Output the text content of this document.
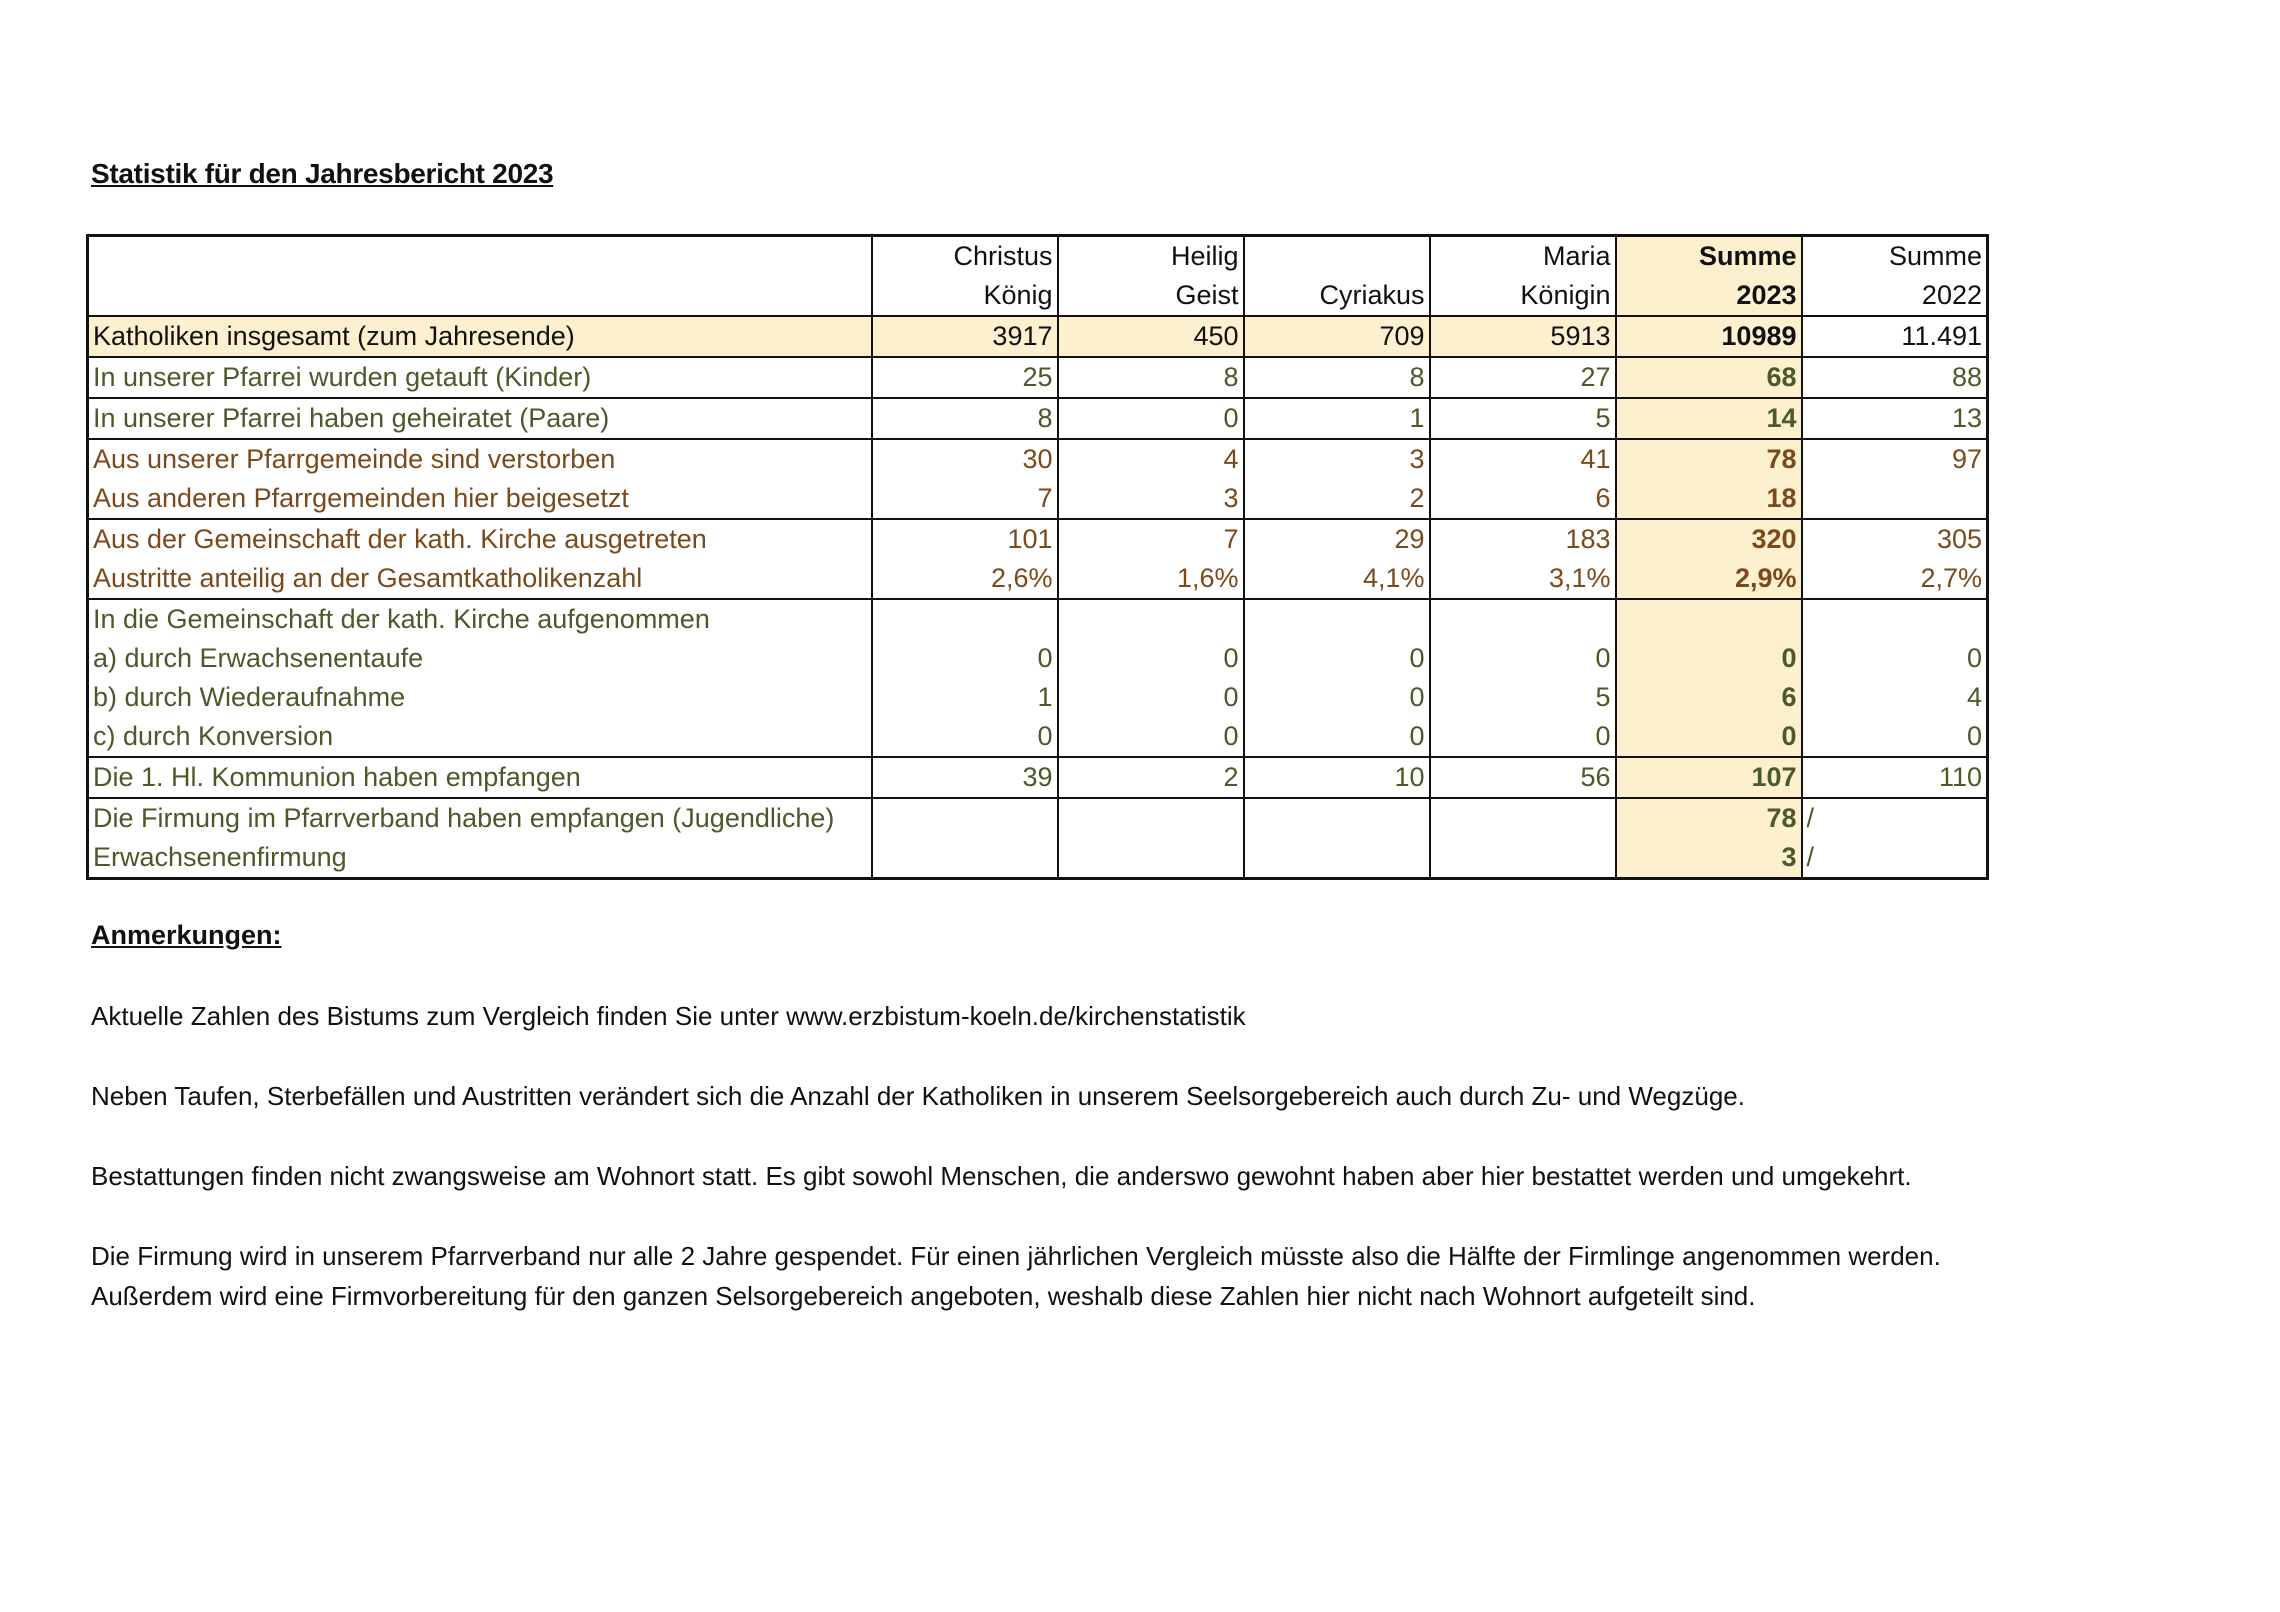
Statistik für den Jahresbericht 2023
	Christus	Heilig		Maria	Summe	Summe
	König	Geist	Cyriakus	Königin	2023	2022
Katholiken insgesamt (zum Jahresende)	3917	450	709	5913	10989	11.491
In unserer Pfarrei wurden getauft (Kinder)	25	8	8	27	68	88
In unserer Pfarrei haben geheiratet (Paare)	8	0	1	5	14	13
Aus unserer Pfarrgemeinde sind verstorben	30	4	3	41	78	97
Aus anderen Pfarrgemeinden hier beigesetzt	7	3	2	6	18	
Aus der Gemeinschaft der kath. Kirche ausgetreten	101	7	29	183	320	305
Austritte anteilig an der Gesamtkatholikenzahl	2,6%	1,6%	4,1%	3,1%	2,9%	2,7%
In die Gemeinschaft der kath. Kirche aufgenommen						
a) durch Erwachsenentaufe	0	0	0	0	0	0
b) durch Wiederaufnahme	1	0	0	5	6	4
c) durch Konversion	0	0	0	0	0	0
Die 1. Hl. Kommunion haben empfangen	39	2	10	56	107	110
Die Firmung im Pfarrverband haben empfangen (Jugendliche)					78	/
Erwachsenenfirmung					3	/
Anmerkungen:
Aktuelle Zahlen des Bistums zum Vergleich finden Sie unter www.erzbistum-koeln.de/kirchenstatistik
Neben Taufen, Sterbefällen und Austritten verändert sich die Anzahl der Katholiken in unserem Seelsorgebereich auch durch Zu- und Wegzüge.
Bestattungen finden nicht zwangsweise am Wohnort statt. Es gibt sowohl Menschen, die anderswo gewohnt haben aber hier bestattet werden und umgekehrt.
Die Firmung wird in unserem Pfarrverband nur alle 2 Jahre gespendet. Für einen jährlichen Vergleich müsste also die Hälfte der Firmlinge angenommen werden.
Außerdem wird eine Firmvorbereitung für den ganzen Selsorgebereich angeboten, weshalb diese Zahlen hier nicht nach Wohnort aufgeteilt sind.
